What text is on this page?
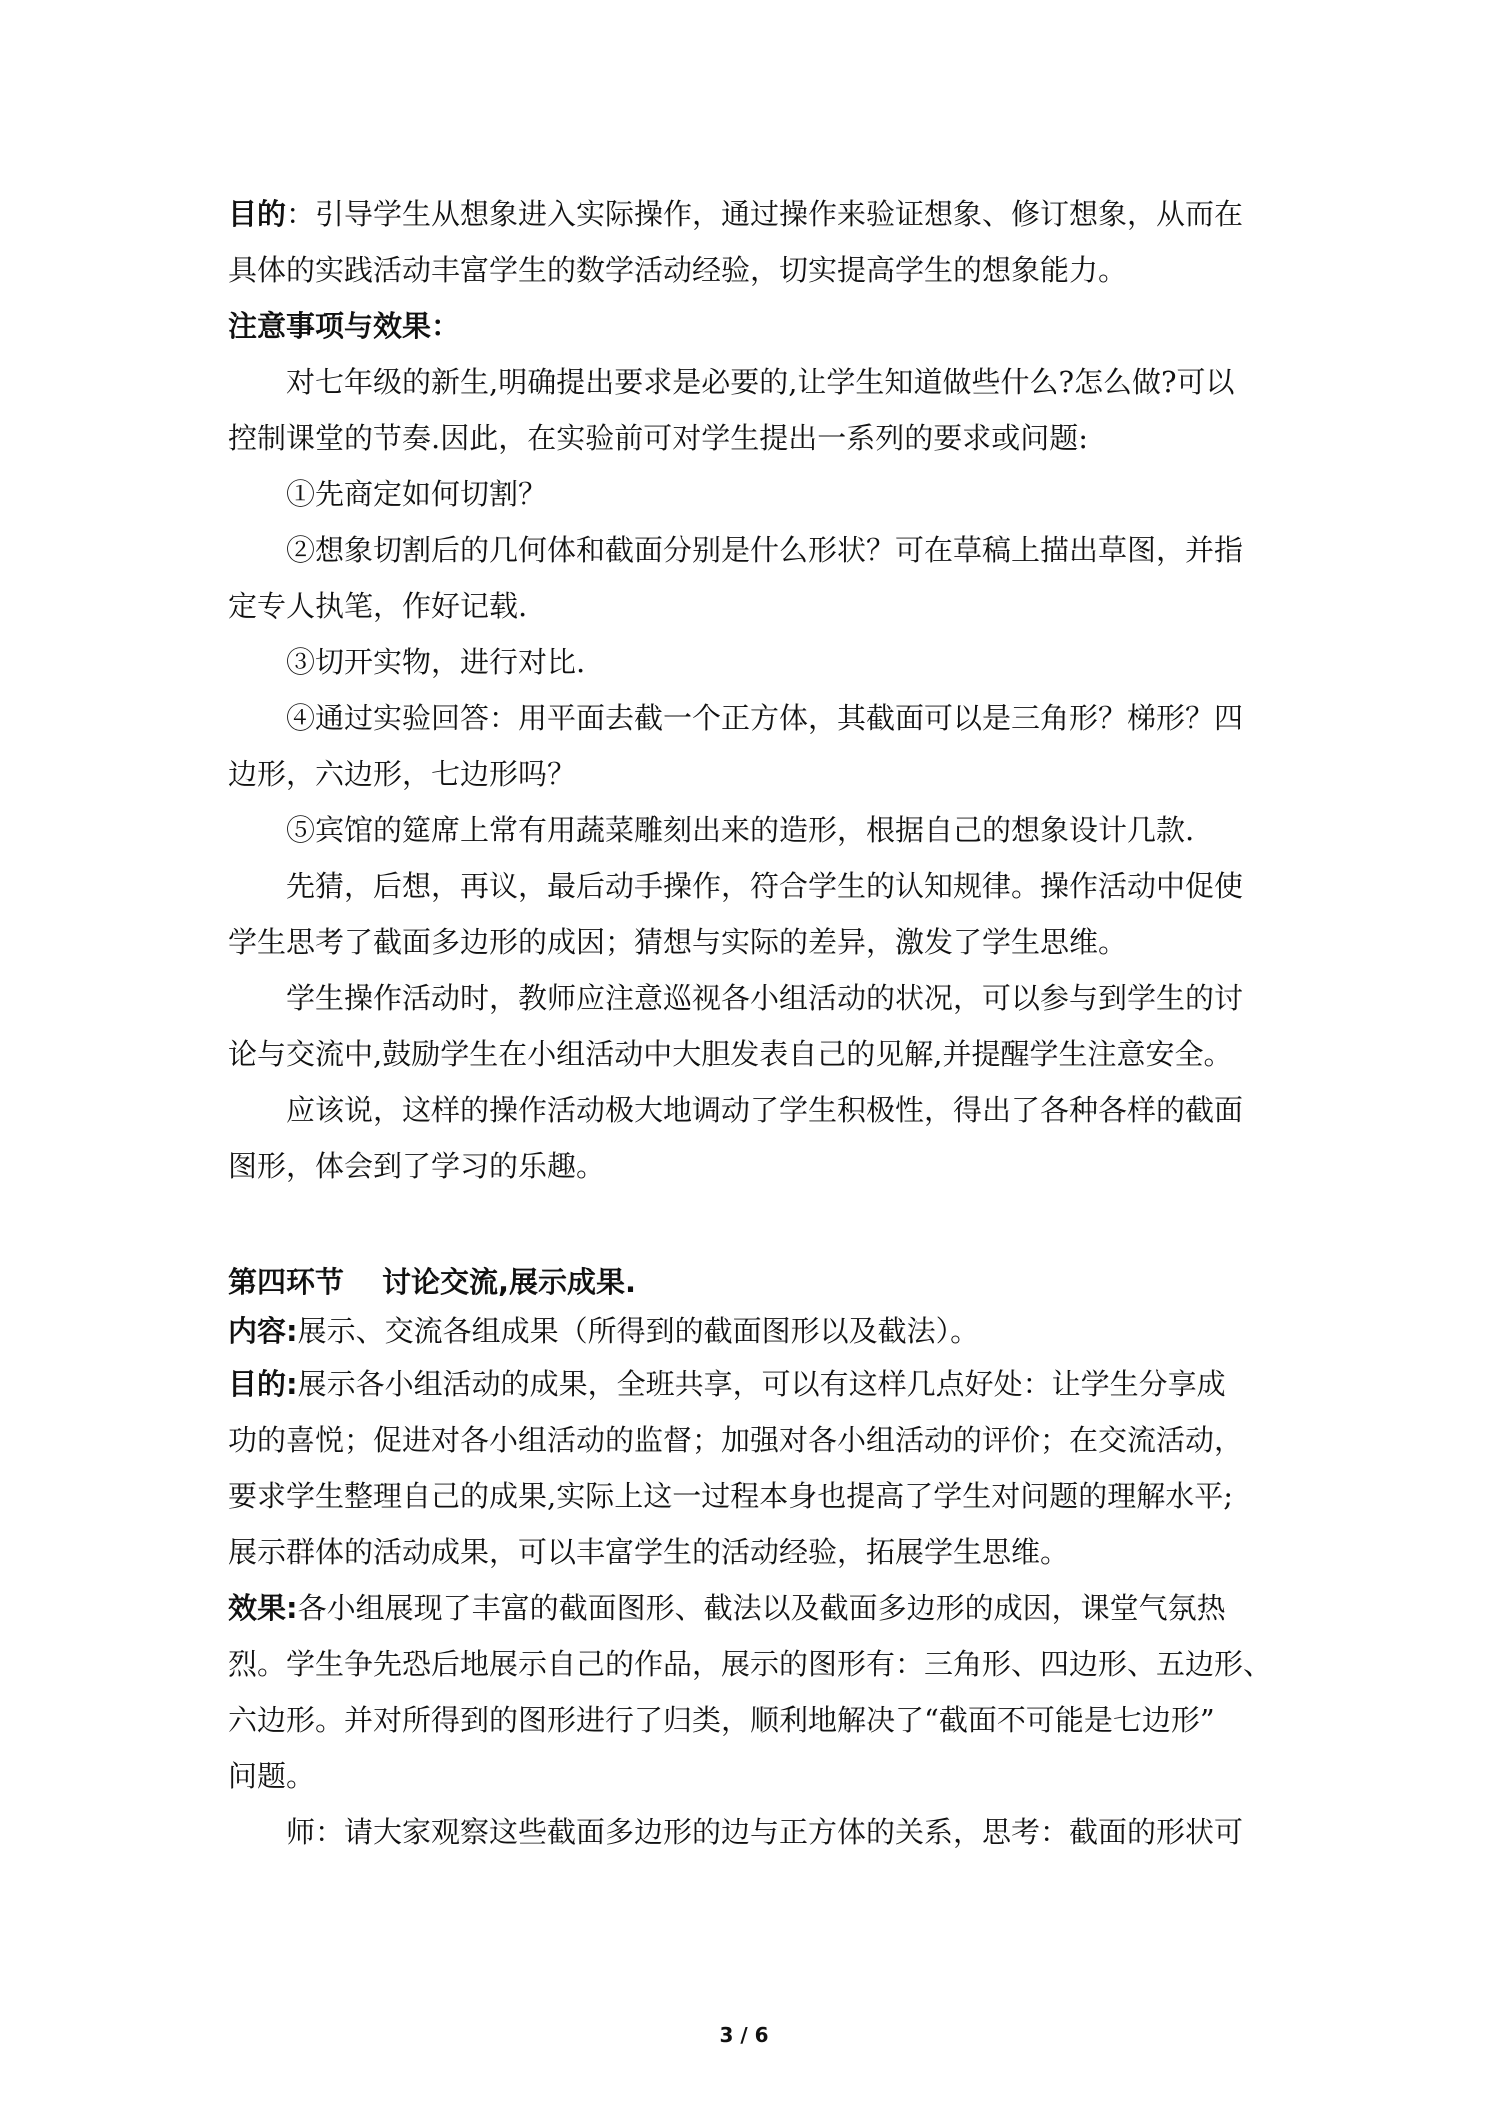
目的：引导学生从想象进入实际操作，通过操作来验证想象、修订想象，从而在
具体的实践活动丰富学生的数学活动经验，切实提高学生的想象能力。
注意事项与效果：
对七年级的新生,明确提出要求是必要的,让学生知道做些什么?怎么做?可以
控制课堂的节奏.因此，在实验前可对学生提出一系列的要求或问题:
①先商定如何切割？
②想象切割后的几何体和截面分别是什么形状？可在草稿上描出草图，并指
定专人执笔，作好记载.
③切开实物，进行对比.
④通过实验回答：用平面去截一个正方体，其截面可以是三角形？梯形？四
边形，六边形，七边形吗？
⑤宾馆的筵席上常有用蔬菜雕刻出来的造形，根据自己的想象设计几款.
先猜，后想，再议，最后动手操作，符合学生的认知规律。操作活动中促使
学生思考了截面多边形的成因；猜想与实际的差异，激发了学生思维。
学生操作活动时，教师应注意巡视各小组活动的状况，可以参与到学生的讨
论与交流中,鼓励学生在小组活动中大胆发表自己的见解,并提醒学生注意安全。
应该说，这样的操作活动极大地调动了学生积极性，得出了各种各样的截面
图形，体会到了学习的乐趣。
第四环节 讨论交流,展示成果.
内容:展示、交流各组成果（所得到的截面图形以及截法）。
目的:展示各小组活动的成果，全班共享，可以有这样几点好处：让学生分享成
功的喜悦；促进对各小组活动的监督；加强对各小组活动的评价；在交流活动，
要求学生整理自己的成果,实际上这一过程本身也提高了学生对问题的理解水平;
展示群体的活动成果，可以丰富学生的活动经验，拓展学生思维。
效果:各小组展现了丰富的截面图形、截法以及截面多边形的成因，课堂气氛热
烈。学生争先恐后地展示自己的作品，展示的图形有：三角形、四边形、五边形、
六边形。并对所得到的图形进行了归类，顺利地解决了“截面不可能是七边形”
问题。
师：请大家观察这些截面多边形的边与正方体的关系，思考：截面的形状可
3 / 6
